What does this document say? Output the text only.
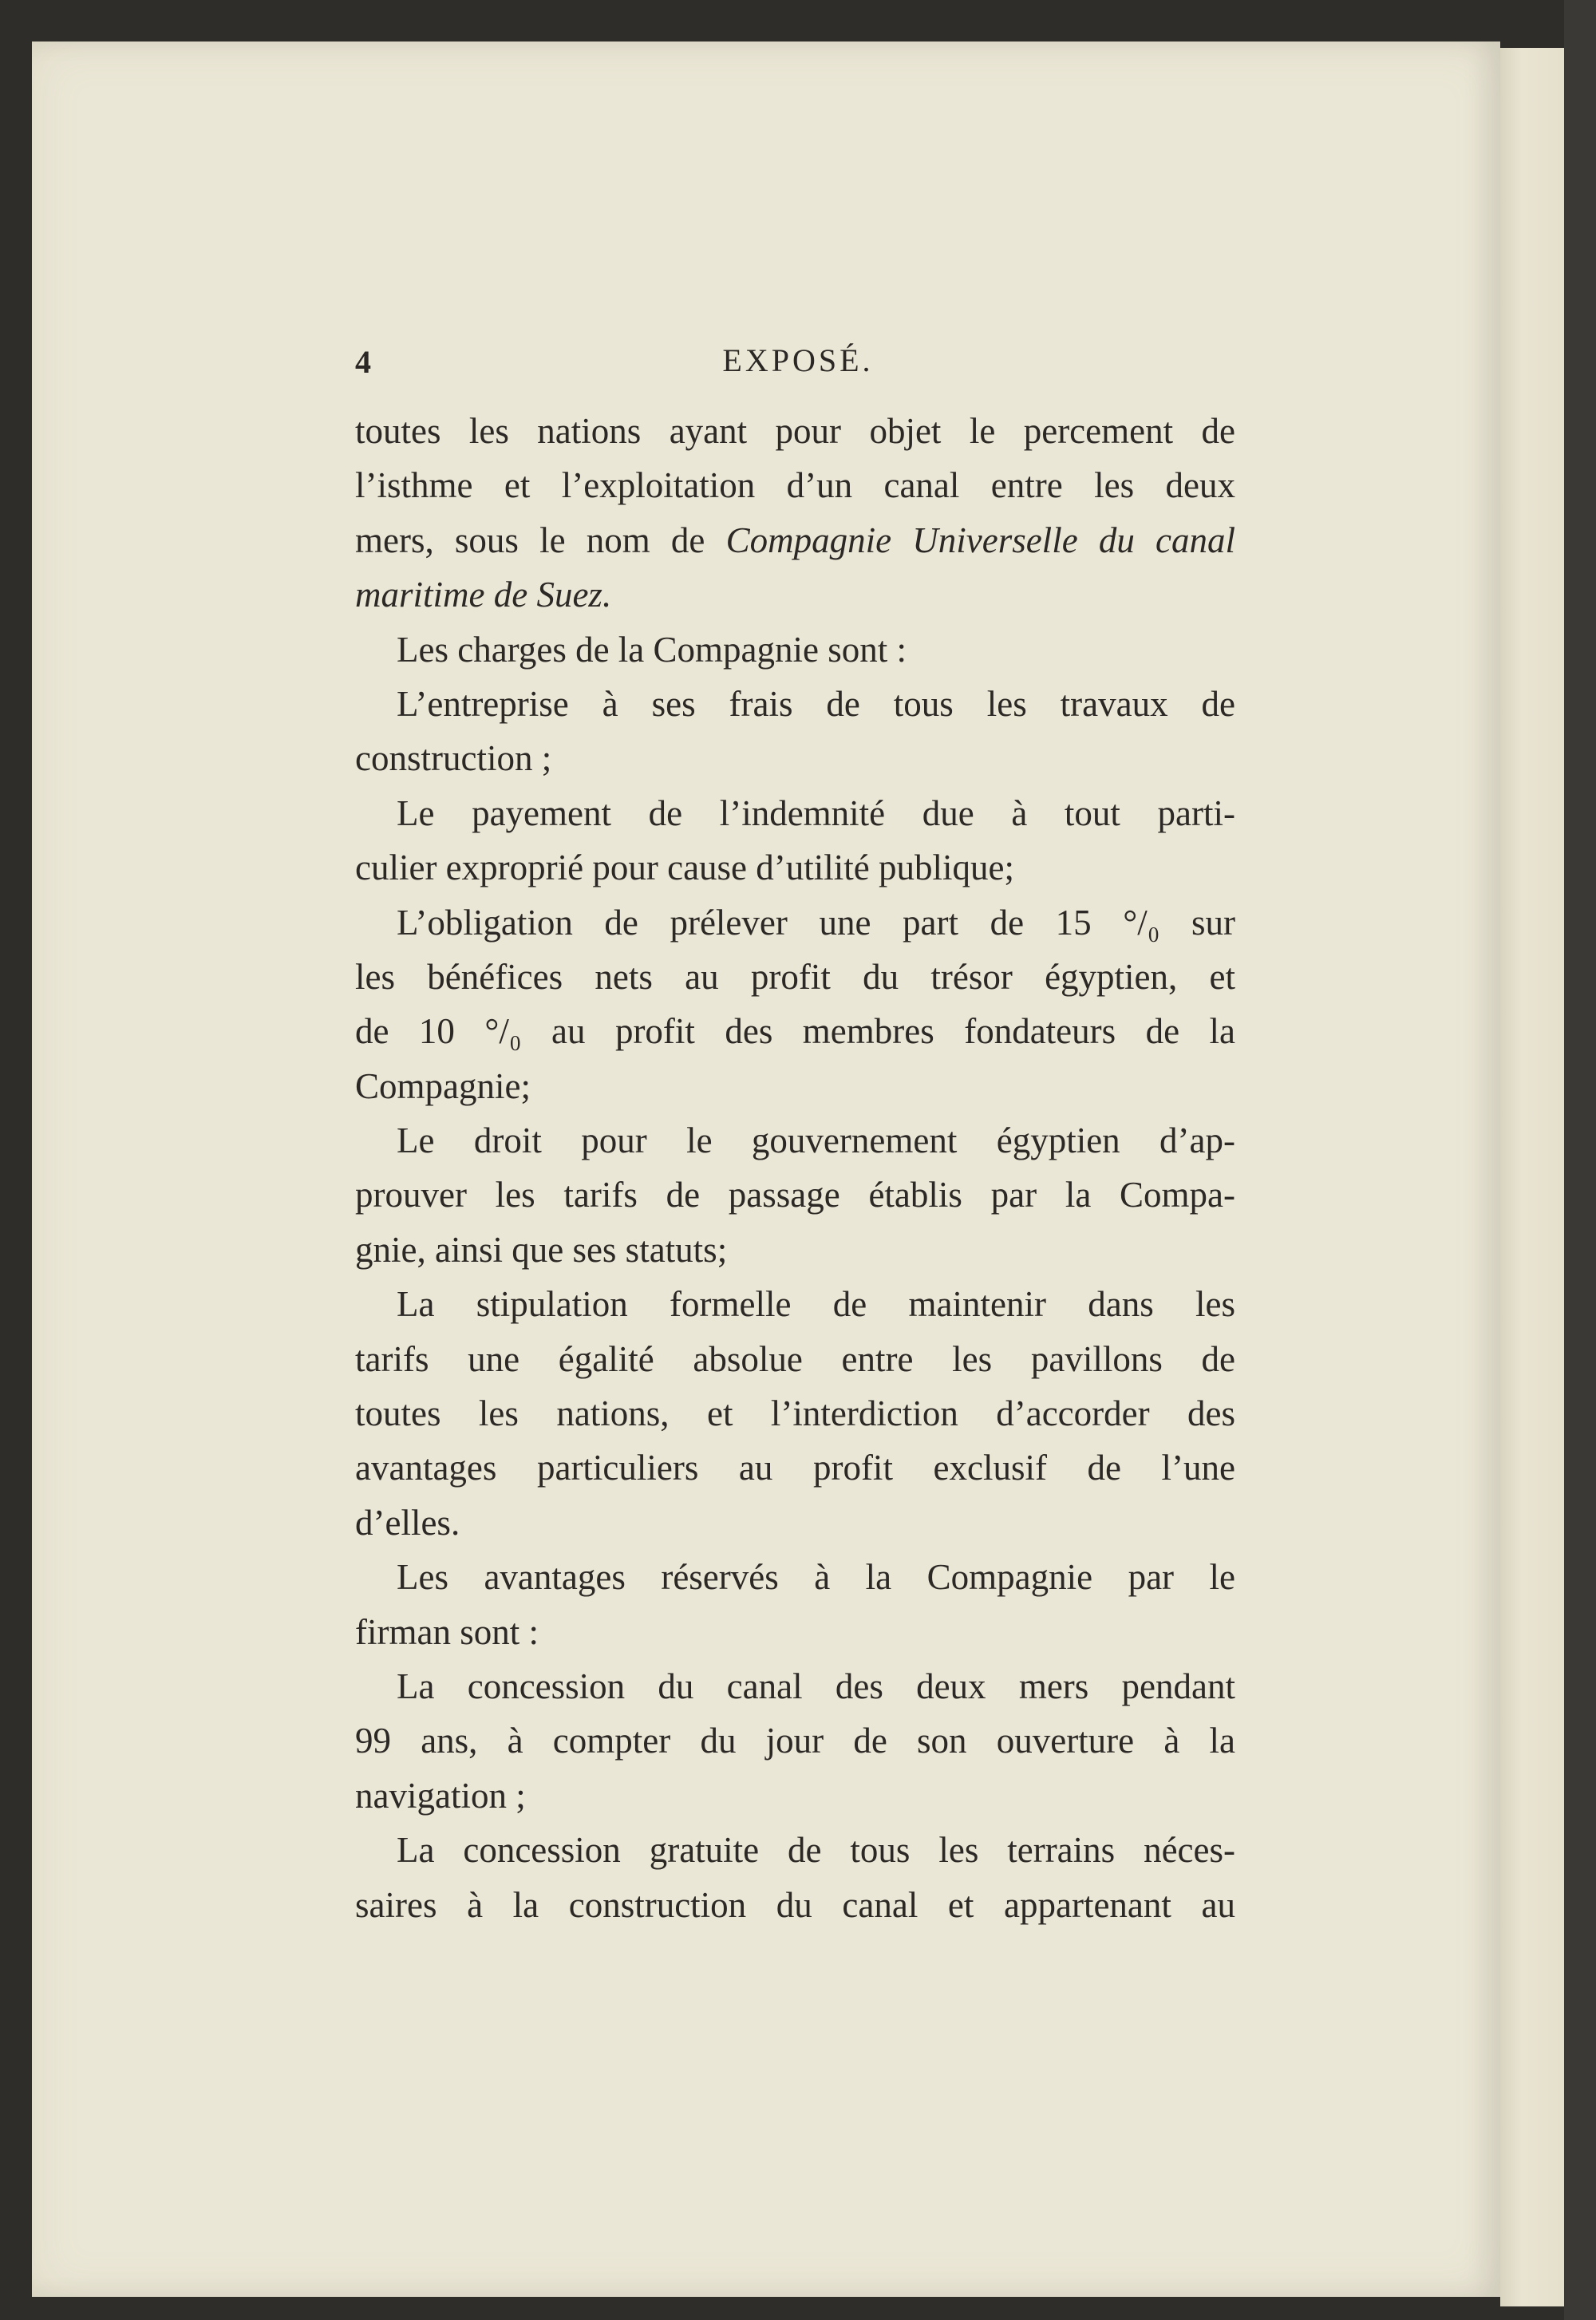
4	EXPOSÉ.
toutes les nations ayant pour objet le percement de
l’isthme et l’exploitation d’un canal entre les deux
mers, sous le nom de Compagnie Universelle du canal
maritime de Suez.
Les charges de la Compagnie sont :
L’entreprise à ses frais de tous les travaux de
construction ;
Le payement de l’indemnité due à tout parti-
culier exproprié pour cause d’utilité publique;
L’obligation de prélever une part de 15 °/₀ sur
les bénéfices nets au profit du trésor égyptien, et
de 10 °/₀ au profit des membres fondateurs de la
Compagnie;
Le droit pour le gouvernement égyptien d’ap-
prouver les tarifs de passage établis par la Compa-
gnie, ainsi que ses statuts;
La stipulation formelle de maintenir dans les
tarifs une égalité absolue entre les pavillons de
toutes les nations, et l’interdiction d’accorder des
avantages particuliers au profit exclusif de l’une
d’elles.
Les avantages réservés à la Compagnie par le
firman sont :
La concession du canal des deux mers pendant
99 ans, à compter du jour de son ouverture à la
navigation ;
La concession gratuite de tous les terrains néces-
saires à la construction du canal et appartenant au
